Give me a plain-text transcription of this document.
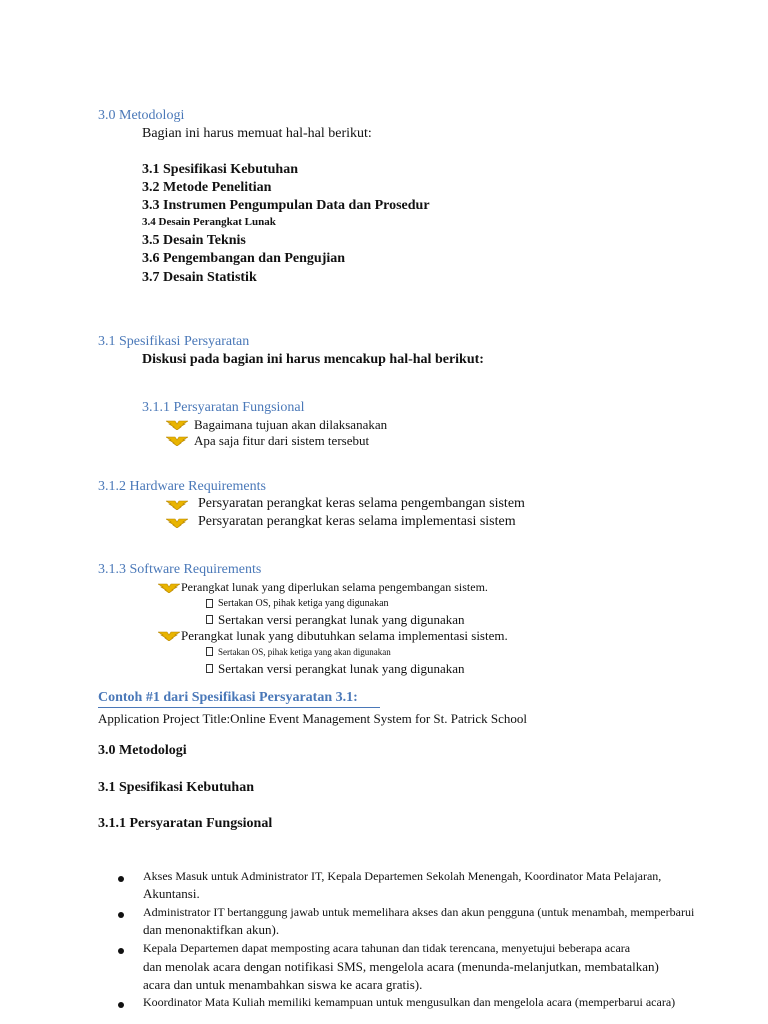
3.0 Metodologi
Bagian ini harus memuat hal-hal berikut:
3.1 Spesifikasi Kebutuhan
3.2 Metode Penelitian
3.3 Instrumen Pengumpulan Data dan Prosedur
3.4 Desain Perangkat Lunak
3.5 Desain Teknis
3.6 Pengembangan dan Pengujian
3.7 Desain Statistik
3.1 Spesifikasi Persyaratan
Diskusi pada bagian ini harus mencakup hal-hal berikut:
3.1.1 Persyaratan Fungsional
Bagaimana tujuan akan dilaksanakan
Apa saja fitur dari sistem tersebut
3.1.2 Hardware Requirements
Persyaratan perangkat keras selama pengembangan sistem
Persyaratan perangkat keras selama implementasi sistem
3.1.3 Software Requirements
Perangkat lunak yang diperlukan selama pengembangan sistem.
Sertakan OS, pihak ketiga yang digunakan
Sertakan versi perangkat lunak yang digunakan
Perangkat lunak yang dibutuhkan selama implementasi sistem.
Sertakan OS, pihak ketiga yang akan digunakan
Sertakan versi perangkat lunak yang digunakan
Contoh #1 dari Spesifikasi Persyaratan 3.1:
Application Project Title:Online Event Management System for St. Patrick School
3.0 Metodologi
3.1 Spesifikasi Kebutuhan
3.1.1 Persyaratan Fungsional
Akses Masuk untuk Administrator IT, Kepala Departemen Sekolah Menengah, Koordinator Mata Pelajaran,
Akuntansi.
Administrator IT bertanggung jawab untuk memelihara akses dan akun pengguna (untuk menambah, memperbarui
dan menonaktifkan akun).
Kepala Departemen dapat memposting acara tahunan dan tidak terencana, menyetujui beberapa acara
dan menolak acara dengan notifikasi SMS, mengelola acara (menunda-melanjutkan, membatalkan)
acara dan untuk menambahkan siswa ke acara gratis).
Koordinator Mata Kuliah memiliki kemampuan untuk mengusulkan dan mengelola acara (memperbarui acara)
